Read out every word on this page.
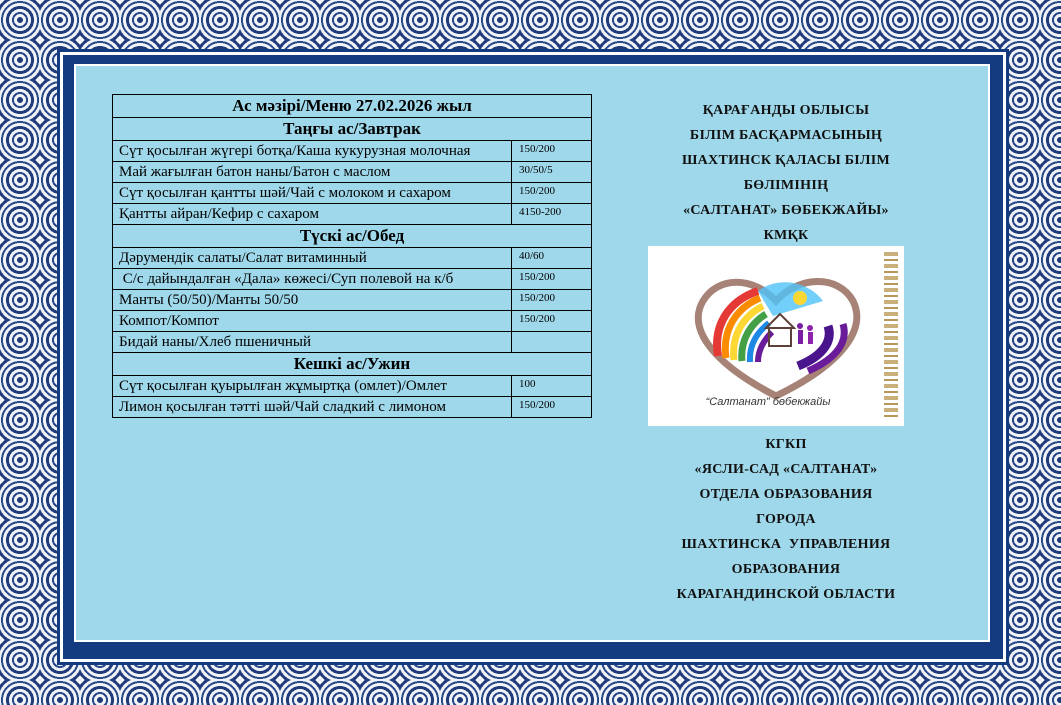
Ас мәзірі/Меню 27.02.2026 жыл	
Таңғы ас/Завтрак	
Сүт қосылған жүгері ботқа/Каша кукурузная молочная	150/200
Май жағылған батон наны/Батон с маслом	30/50/5
Сүт қосылған қантты шәй/Чай с молоком и сахаром	150/200
Қантты айран/Кефир с сахаром	4150-200
Түскі ас/Обед	
Дәрумендік салаты/Салат витаминный	40/60
С/с дайындалған «Дала» көжесі/Суп полевой на к/б	150/200
Манты (50/50)/Манты 50/50	150/200
Компот/Компот	150/200
Бидай наны/Хлеб пшеничный	
Кешкі ас/Ужин	
Сүт қосылған қуырылған жұмыртқа (омлет)/Омлет	100
Лимон қосылған тәтті шәй/Чай сладкий с лимоном	150/200
ҚАРАҒАНДЫ ОБЛЫСЫ
БІЛІМ БАСҚАРМАСЫНЫҢ
ШАХТИНСК ҚАЛАСЫ БІЛІМ
БӨЛІМІНІҢ
«САЛТАНАТ» БӨБЕКЖАЙЫ»
КМҚК
“Салтанат” бөбекжайы
КГКП
«ЯСЛИ-САД «САЛТАНАТ»
ОТДЕЛА ОБРАЗОВАНИЯ
ГОРОДА
ШАХТИНСКА  УПРАВЛЕНИЯ
ОБРАЗОВАНИЯ
КАРАГАНДИНСКОЙ ОБЛАСТИ
